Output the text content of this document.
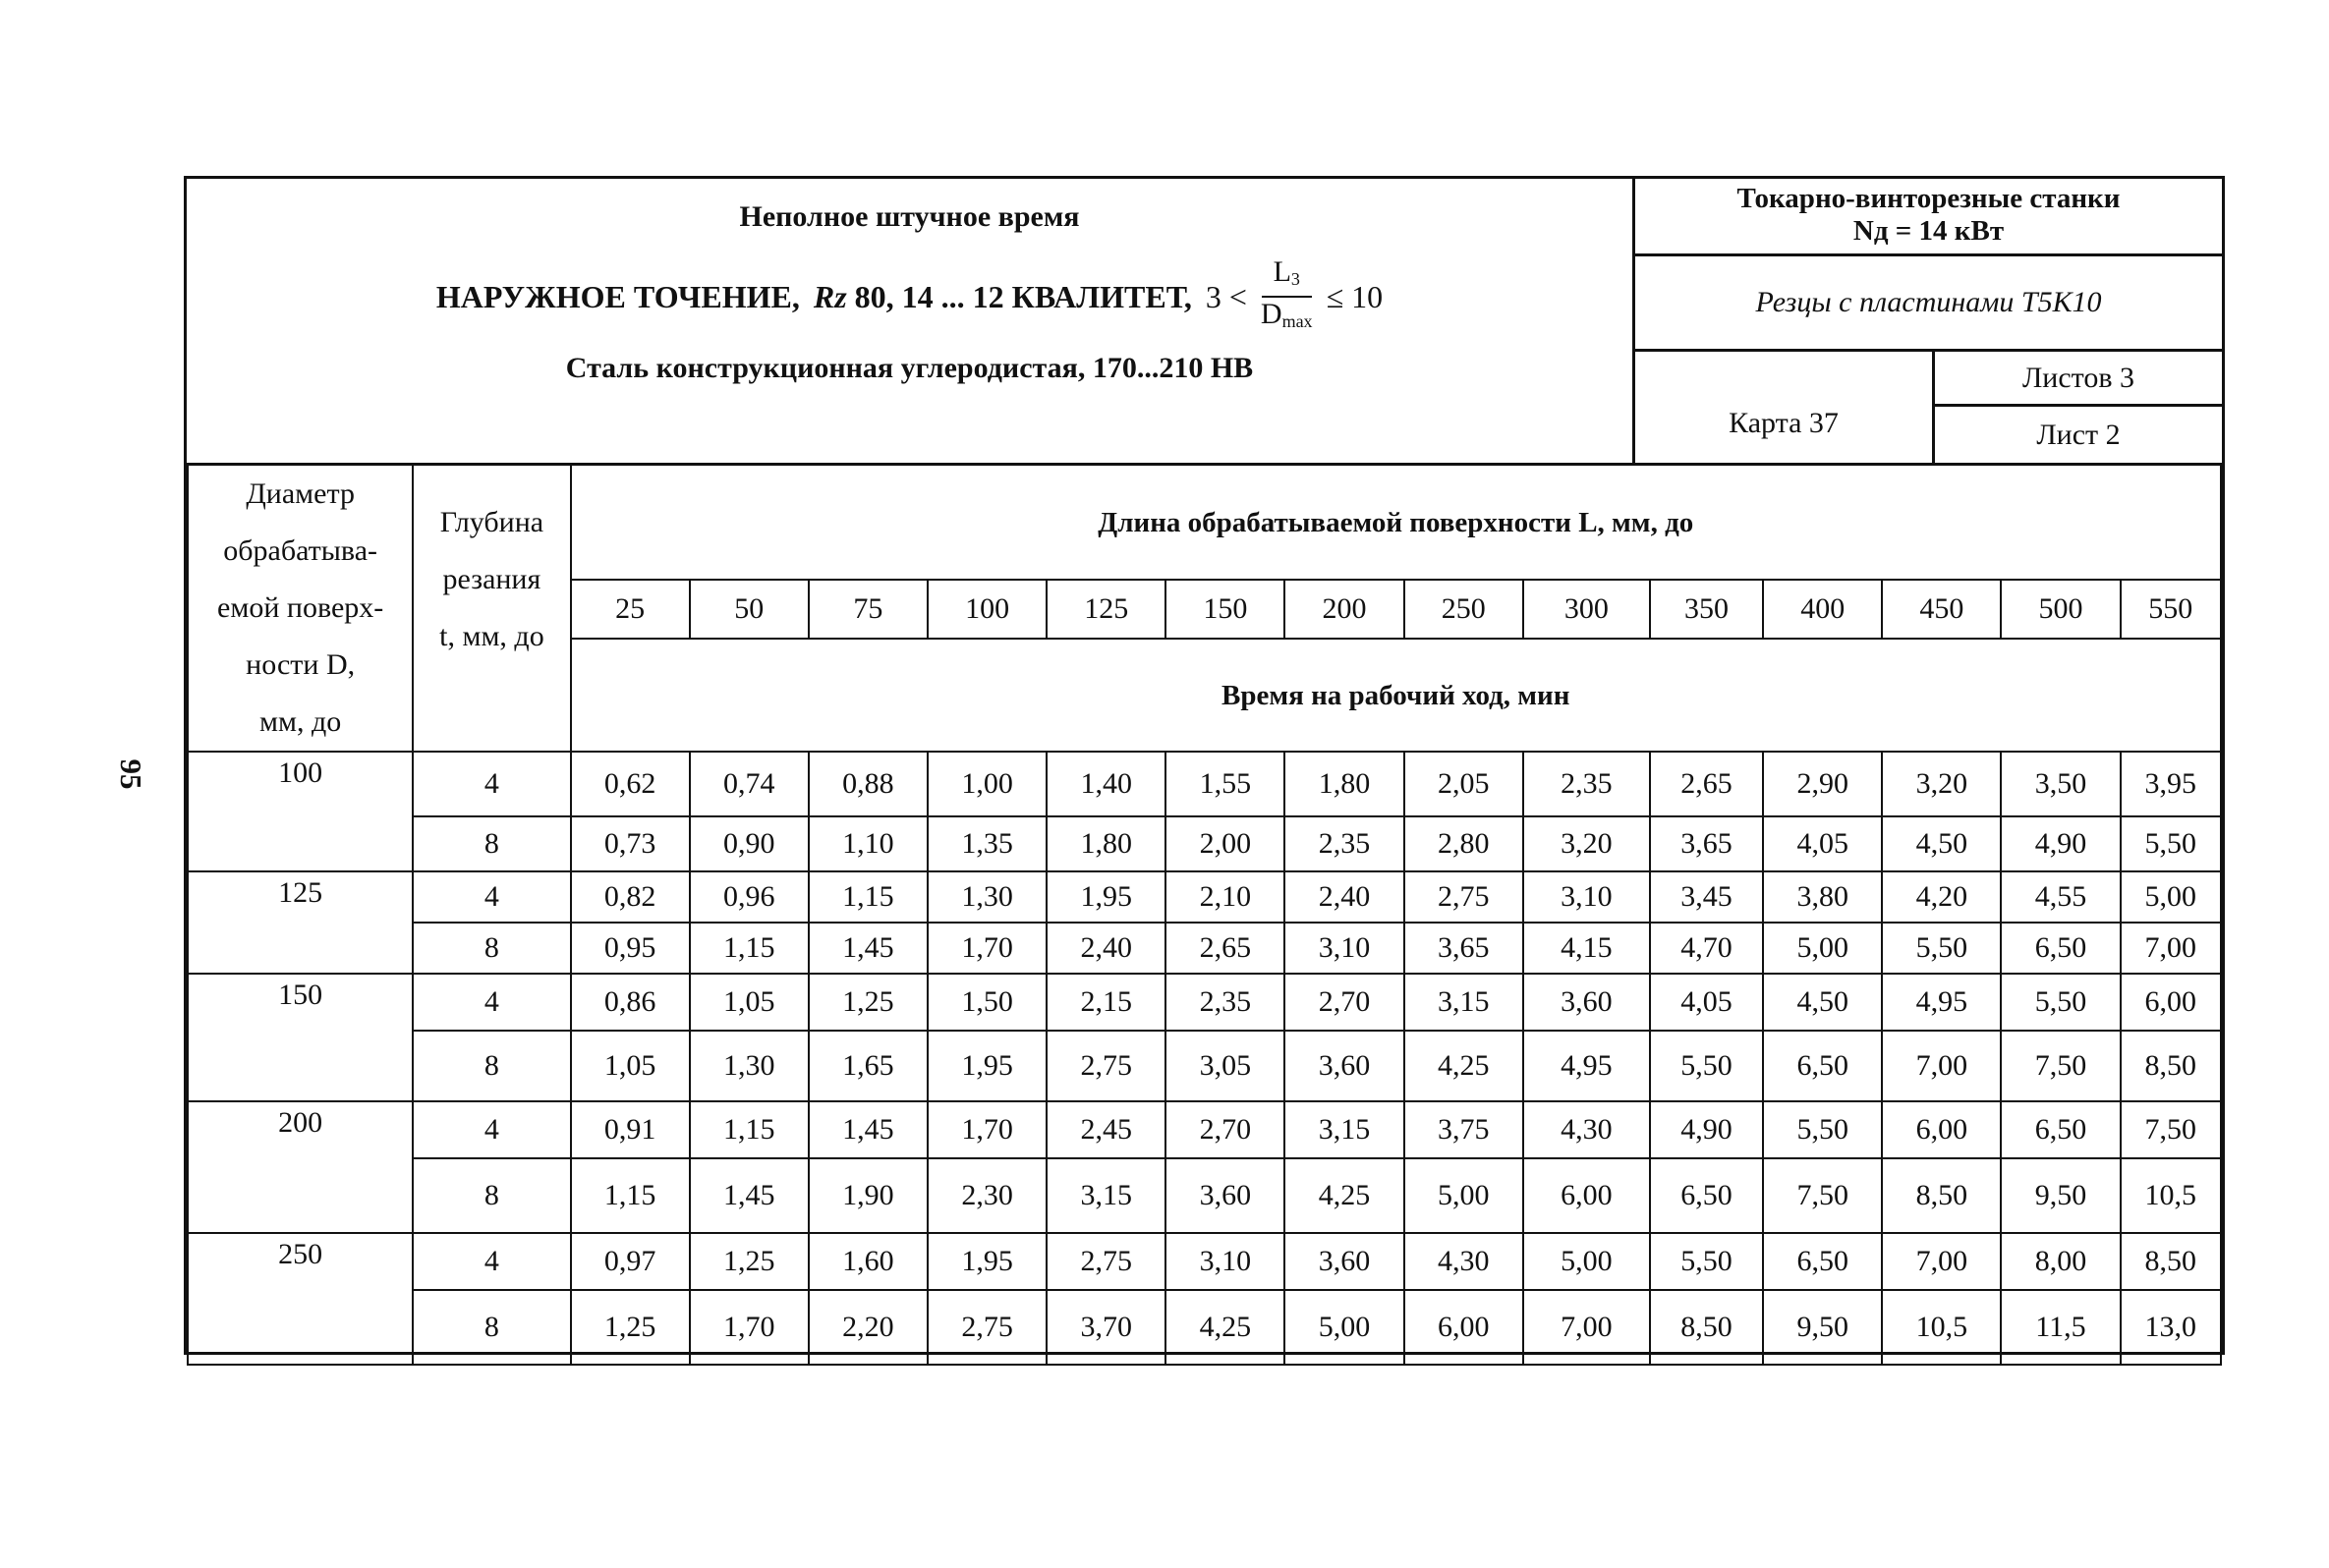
95
Неполное штучное время
НАРУЖНОЕ ТОЧЕНИЕ, Rz 80, 14 ... 12 КВАЛИТЕТ, $3 < \frac{L_3}{D_{max}} \le 10$
Сталь конструкционная углеродистая, 170...210 НВ
Токарно-винторезные станки
Nд = 14 кВт
Резцы с пластинами Т5К10
Карта 37
Листов 3
Лист 2
Диаметр
обрабатыва-
емой поверх-
ности D,
мм, до	Глубина
резания
t, мм, до	Длина обрабатываемой поверхности L, мм, до													
		25	50	75	100	125	150	200	250	300	350	400	450	500	550
		Время на рабочий ход, мин													
100	4	0,62	0,74	0,88	1,00	1,40	1,55	1,80	2,05	2,35	2,65	2,90	3,20	3,50	3,95
	8	0,73	0,90	1,10	1,35	1,80	2,00	2,35	2,80	3,20	3,65	4,05	4,50	4,90	5,50
125	4	0,82	0,96	1,15	1,30	1,95	2,10	2,40	2,75	3,10	3,45	3,80	4,20	4,55	5,00
	8	0,95	1,15	1,45	1,70	2,40	2,65	3,10	3,65	4,15	4,70	5,00	5,50	6,50	7,00
150	4	0,86	1,05	1,25	1,50	2,15	2,35	2,70	3,15	3,60	4,05	4,50	4,95	5,50	6,00
	8	1,05	1,30	1,65	1,95	2,75	3,05	3,60	4,25	4,95	5,50	6,50	7,00	7,50	8,50
200	4	0,91	1,15	1,45	1,70	2,45	2,70	3,15	3,75	4,30	4,90	5,50	6,00	6,50	7,50
	8	1,15	1,45	1,90	2,30	3,15	3,60	4,25	5,00	6,00	6,50	7,50	8,50	9,50	10,5
250	4	0,97	1,25	1,60	1,95	2,75	3,10	3,60	4,30	5,00	5,50	6,50	7,00	8,00	8,50
	8	1,25	1,70	2,20	2,75	3,70	4,25	5,00	6,00	7,00	8,50	9,50	10,5	11,5	13,0
